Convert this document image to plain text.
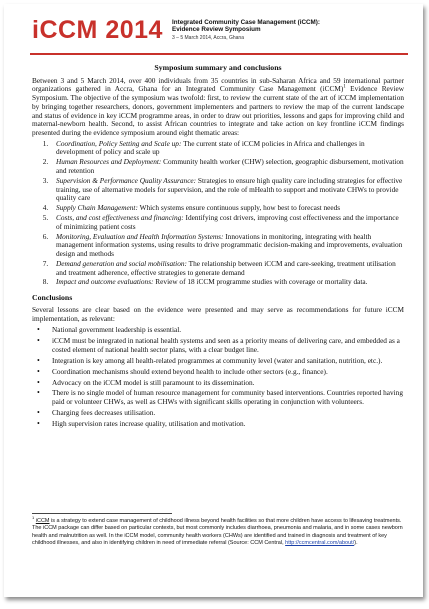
iCCM 2014 Integrated Community Case Management (iCCM):
Evidence Review Symposium
3 – 5 March 2014, Accra, Ghana
Symposium summary and conclusions

Between 3 and 5 March 2014, over 400 individuals from 35 countries in sub-Saharan Africa and 59 international partner organizations gathered in Accra, Ghana for an Integrated Community Case Management (iCCM)$^1$ Evidence Review Symposium. The objective of the symposium was twofold: first, to review the current state of the art of iCCM implementation by bringing together researchers, donors, government implementers and partners to review the map of the current landscape and status of evidence in key iCCM programme areas, in order to draw out priorities, lessons and gaps for improving child and maternal-newborn health. Second, to assist African countries to integrate and take action on key frontline iCCM findings presented during the evidence symposium around eight thematic areas:

1. Coordination, Policy Setting and Scale up: The current state of iCCM policies in Africa and challenges in development of policy and scale up
2. Human Resources and Deployment: Community health worker (CHW) selection, geographic disbursement, motivation and retention
3. Supervision & Performance Quality Assurance: Strategies to ensure high quality care including strategies for effective training, use of alternative models for supervision, and the role of mHealth to support and motivate CHWs to provide quality care
4. Supply Chain Management: Which systems ensure continuous supply, how best to forecast needs
5. Costs, and cost effectiveness and financing: Identifying cost drivers, improving cost effectiveness and the importance of minimizing patient costs
6. Monitoring, Evaluation and Health Information Systems: Innovations in monitoring, integrating with health management information systems, using results to drive programmatic decision-making and improvements, evaluation design and methods
7. Demand generation and social mobilisation: The relationship between iCCM and care-seeking, treatment utilisation and treatment adherence, effective strategies to generate demand
8. Impact and outcome evaluations: Review of 18 iCCM programme studies with coverage or mortality data.
Conclusions

Several lessons are clear based on the evidence were presented and may serve as recommendations for future iCCM implementation, as relevant:

• National government leadership is essential.
• iCCM must be integrated in national health systems and seen as a priority means of delivering care, and embedded as a costed element of national health sector plans, with a clear budget line.
• Integration is key among all health-related programmes at community level (water and sanitation, nutrition, etc.).
• Coordination mechanisms should extend beyond health to include other sectors (e.g., finance).
• Advocacy on the iCCM model is still paramount to its dissemination.
• There is no single model of human resource management for community based interventions. Countries reported having paid or volunteer CHWs, as well as CHWs with significant skills operating in conjunction with volunteers.
• Charging fees decreases utilisation.
• High supervision rates increase quality, utilisation and motivation.
$^1$ iCCM is a strategy to extend case management of childhood illness beyond health facilities so that more children have access to lifesaving treatments. The iCCM package can differ based on particular contexts, but most commonly includes diarrhoea, pneumonia and malaria, and in some cases newborn health and malnutrition as well. In the iCCM model, community health workers (CHWs) are identified and trained in diagnosis and treatment of key childhood illnesses, and also in identifying children in need of immediate referral (Source: CCM Central, http://ccmcentral.com/about/).
